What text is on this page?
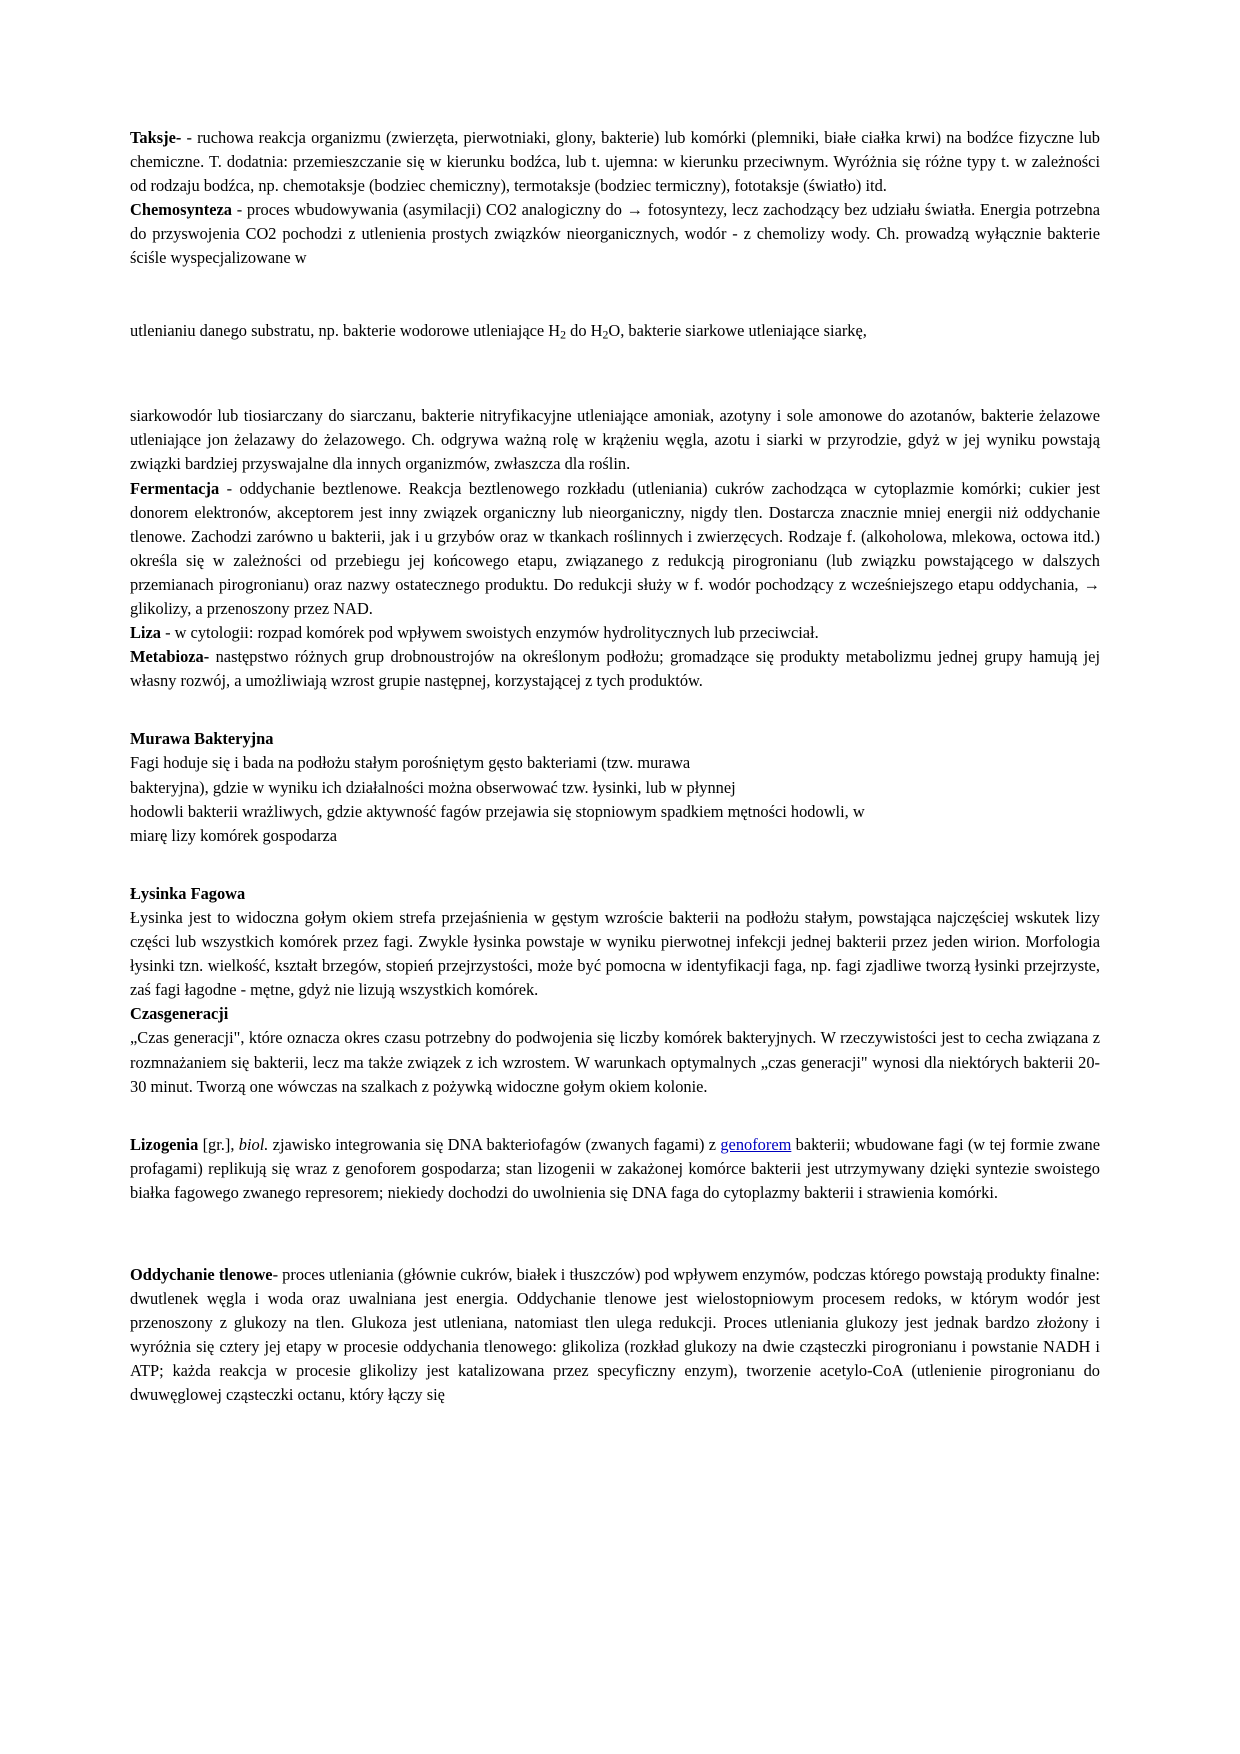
Taksje- - ruchowa reakcja organizmu (zwierzęta, pierwotniaki, glony, bakterie) lub komórki (plemniki, białe ciałka krwi) na bodźce fizyczne lub chemiczne. T. dodatnia: przemieszczanie się w kierunku bodźca, lub t. ujemna: w kierunku przeciwnym. Wyróżnia się różne typy t. w zależności od rodzaju bodźca, np. chemotaksje (bodziec chemiczny), termotaksje (bodziec termiczny), fototaksje (światło) itd.

Chemosynteza - proces wbudowywania (asymilacji) CO2 analogiczny do → fotosyntezy, lecz zachodzący bez udziału światła. Energia potrzebna do przyswojenia CO2 pochodzi z utlenienia prostych związków nieorganicznych, wodór - z chemolizy wody. Ch. prowadzą wyłącznie bakterie ściśle wyspecjalizowane w

utlenianiu danego substratu, np. bakterie wodorowe utleniające $H_2$ do $H_2O$, bakterie siarkowe utleniające siarkę,

siarkowodór lub tiosiarczany do siarczanu, bakterie nitryfikacyjne utleniające amoniak, azotyny i sole amonowe do azotanów, bakterie żelazowe utleniające jon żelazawy do żelazowego. Ch. odgrywa ważną rolę w krążeniu węgla, azotu i siarki w przyrodzie, gdyż w jej wyniku powstają związki bardziej przyswajalne dla innych organizmów, zwłaszcza dla roślin.

Fermentacja - oddychanie beztlenowe. Reakcja beztlenowego rozkładu (utleniania) cukrów zachodząca w cytoplazmie komórki; cukier jest donorem elektronów, akceptorem jest inny związek organiczny lub nieorganiczny, nigdy tlen. Dostarcza znacznie mniej energii niż oddychanie tlenowe. Zachodzi zarówno u bakterii, jak i u grzybów oraz w tkankach roślinnych i zwierzęcych. Rodzaje f. (alkoholowa, mlekowa, octowa itd.) określa się w zależności od przebiegu jej końcowego etapu, związanego z redukcją pirogronianu (lub związku powstającego w dalszych przemianach pirogronianu) oraz nazwy ostatecznego produktu. Do redukcji służy w f. wodór pochodzący z wcześniejszego etapu oddychania, → glikolizy, a przenoszony przez NAD.

Liza - w cytologii: rozpad komórek pod wpływem swoistych enzymów hydrolitycznych lub przeciwciał.

Metabioza- następstwo różnych grup drobnoustrojów na określonym podłożu; gromadzące się produkty metabolizmu jednej grupy hamują jej własny rozwój, a umożliwiają wzrost grupie następnej, korzystającej z tych produktów.

Murawa Bakteryjna

Fagi hoduje się i bada na podłożu stałym porośniętym gęsto bakteriami (tzw. murawa

bakteryjna), gdzie w wyniku ich działalności można obserwować tzw. łysinki, lub w płynnej

hodowli bakterii wrażliwych, gdzie aktywność fagów przejawia się stopniowym spadkiem mętności hodowli, w

miarę lizy komórek gospodarza

Łysinka Fagowa

Łysinka jest to widoczna gołym okiem strefa przejaśnienia w gęstym wzroście bakterii na podłożu stałym, powstająca najczęściej wskutek lizy części lub wszystkich komórek przez fagi. Zwykle łysinka powstaje w wyniku pierwotnej infekcji jednej bakterii przez jeden wirion. Morfologia łysinki tzn. wielkość, kształt brzegów, stopień przejrzystości, może być pomocna w identyfikacji faga, np. fagi zjadliwe tworzą łysinki przejrzyste, zaś fagi łagodne - mętne, gdyż nie lizują wszystkich komórek.

Czasgeneracji

„Czas generacji", które oznacza okres czasu potrzebny do podwojenia się liczby komórek bakteryjnych. W rzeczywistości jest to cecha związana z rozmnażaniem się bakterii, lecz ma także związek z ich wzrostem. W warunkach optymalnych „czas generacji" wynosi dla niektórych bakterii 20-30 minut. Tworzą one wówczas na szalkach z pożywką widoczne gołym okiem kolonie.

Lizogenia [gr.], biol. zjawisko integrowania się DNA bakteriofagów (zwanych fagami) z genoforem bakterii; wbudowane fagi (w tej formie zwane profagami) replikują się wraz z genoforem gospodarza; stan lizogenii w zakażonej komórce bakterii jest utrzymywany dzięki syntezie swoistego białka fagowego zwanego represorem; niekiedy dochodzi do uwolnienia się DNA faga do cytoplazmy bakterii i strawienia komórki.

Oddychanie tlenowe- proces utleniania (głównie cukrów, białek i tłuszczów) pod wpływem enzymów, podczas którego powstają produkty finalne: dwutlenek węgla i woda oraz uwalniana jest energia. Oddychanie tlenowe jest wielostopniowym procesem redoks, w którym wodór jest przenoszony z glukozy na tlen. Glukoza jest utleniana, natomiast tlen ulega redukcji. Proces utleniania glukozy jest jednak bardzo złożony i wyróżnia się cztery jej etapy w procesie oddychania tlenowego: glikoliza (rozkład glukozy na dwie cząsteczki pirogronianu i powstanie NADH i ATP; każda reakcja w procesie glikolizy jest katalizowana przez specyficzny enzym), tworzenie acetylo-CoA (utlenienie pirogronianu do dwuwęglowej cząsteczki octanu, który łączy się
